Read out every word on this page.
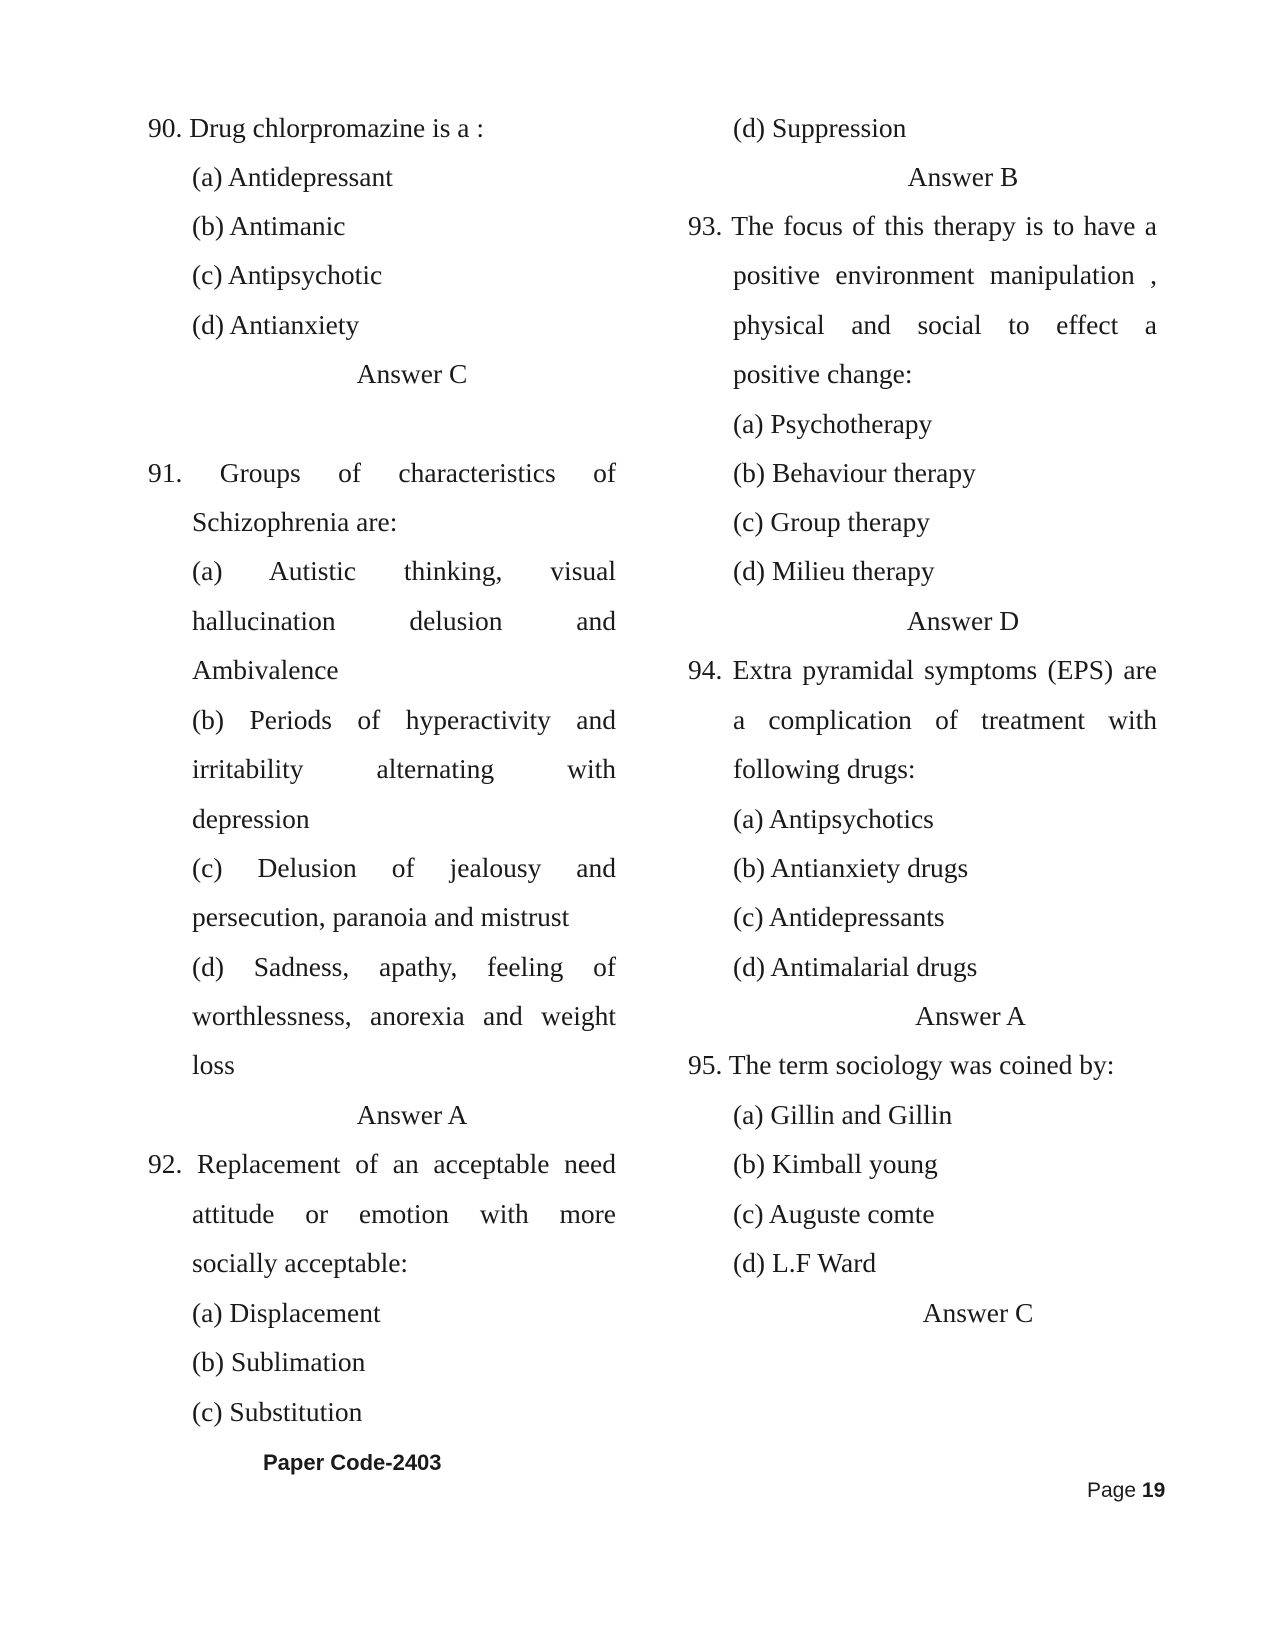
90. Drug chlorpromazine is a :
(a) Antidepressant
(b) Antimanic
(c) Antipsychotic
(d) Antianxiety
Answer C
91. Groups of characteristics of
Schizophrenia are:
(a) Autistic thinking, visual
hallucination delusion and
Ambivalence
(b) Periods of hyperactivity and
irritability alternating with
depression
(c) Delusion of jealousy and
persecution, paranoia and mistrust
(d) Sadness, apathy, feeling of
worthlessness, anorexia and weight
loss
Answer A
92. Replacement of an acceptable need
attitude or emotion with more
socially acceptable:
(a) Displacement
(b) Sublimation
(c) Substitution
(d) Suppression
Answer B
93. The focus of this therapy is to have a
positive environment manipulation ,
physical and social to effect a
positive change:
(a) Psychotherapy
(b) Behaviour therapy
(c) Group therapy
(d) Milieu therapy
Answer D
94. Extra pyramidal symptoms (EPS) are
a complication of treatment with
following drugs:
(a) Antipsychotics
(b) Antianxiety drugs
(c) Antidepressants
(d) Antimalarial drugs
Answer A
95. The term sociology was coined by:
(a) Gillin and Gillin
(b) Kimball young
(c) Auguste comte
(d) L.F Ward
Answer C
Paper Code-2403
Page 19
